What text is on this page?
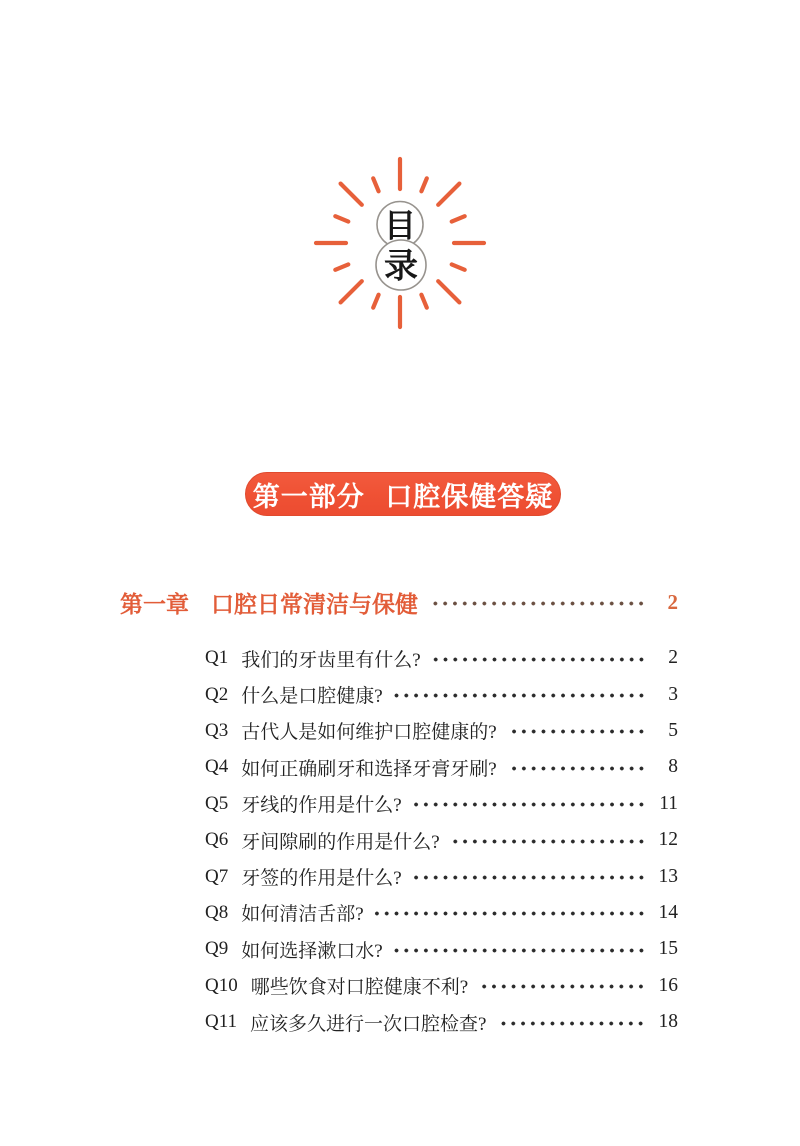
目
录
第一部分 口腔保健答疑
第一章 口腔日常清洁与保健	2
Q1 我们的牙齿里有什么?	2
Q2 什么是口腔健康?	3
Q3 古代人是如何维护口腔健康的?	5
Q4 如何正确刷牙和选择牙膏牙刷?	8
Q5 牙线的作用是什么?	11
Q6 牙间隙刷的作用是什么?	12
Q7 牙签的作用是什么?	13
Q8 如何清洁舌部?	14
Q9 如何选择漱口水?	15
Q10 哪些饮食对口腔健康不利?	16
Q11 应该多久进行一次口腔检查?	18
